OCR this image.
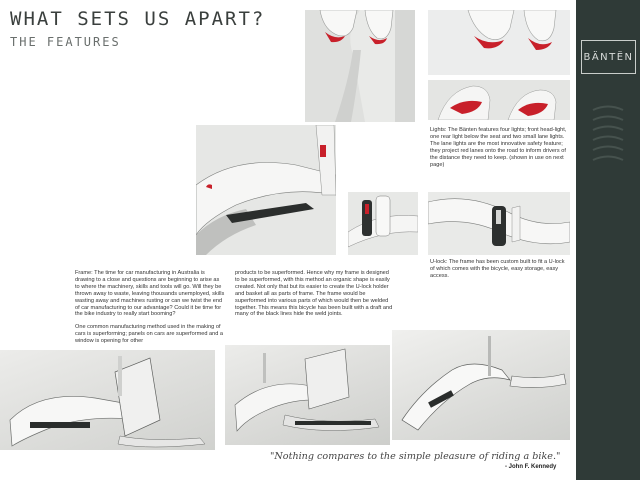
WHAT SETS US APART?
THE FEATURES
BÄNTËN
Lights: The Bänten features four lights; front head-light, one rear light below the seat and two small lane lights. The lane lights are the most innovative safety feature; they project red lanes onto the road to inform drivers of the distance they need to keep. (shown in use on next page)
U-lock: The frame has been custom built to fit a U-lock of which comes with the bicycle, easy storage, easy access.
Frame: The time for car manufacturing in Australia is drawing to a close and questions are beginning to arise as to where the machinery, skills and tools will go. Will they be thrown away to waste, leaving thousands unemployed, skills wasting away and machines rusting or can we twist the end of car manufacturing to our advantage? Could it be time for the bike industry to really start booming?
One common manufacturing method used in the making of cars is superforming; panels on cars are superformed and a window is opening for other
products to be superformed. Hence why my frame is designed to be superformed, with this method an organic shape is easily created. Not only that but its easier to create the U-lock holder and basket all as parts of frame. The frame would be superformed into various parts of which would then be welded together. This means this bicycle has been built with a draft and many of the black lines hide the weld joints.
"Nothing compares to the simple pleasure of riding a bike."
- John F. Kennedy
